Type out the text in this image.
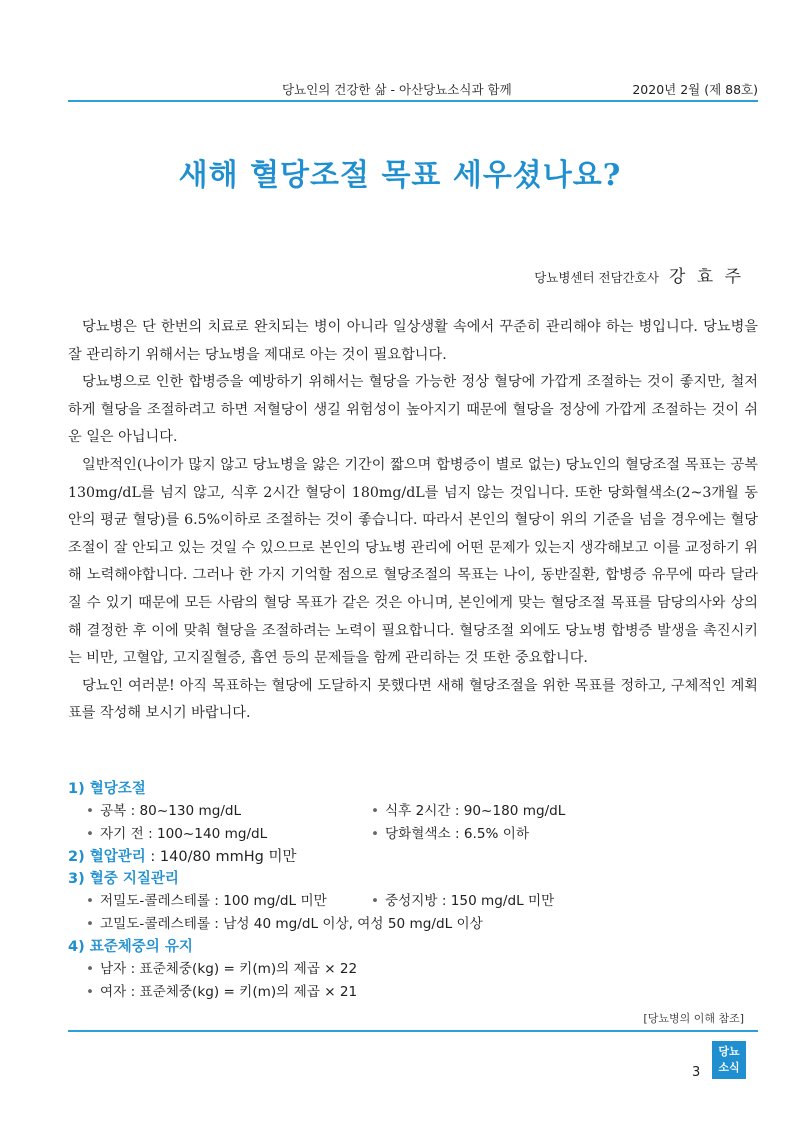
당뇨인의 건강한 삶 - 아산당뇨소식과 함께	2020년 2월 (제 88호)
새해 혈당조절 목표 세우셨나요?
당뇨병센터 전담간호사 강 효 주

당뇨병은 단 한번의 치료로 완치되는 병이 아니라 일상생활 속에서 꾸준히 관리해야 하는 병입니다. 당뇨병을 잘 관리하기 위해서는 당뇨병을 제대로 아는 것이 필요합니다.

당뇨병으로 인한 합병증을 예방하기 위해서는 혈당을 가능한 정상 혈당에 가깝게 조절하는 것이 좋지만, 철저하게 혈당을 조절하려고 하면 저혈당이 생길 위험성이 높아지기 때문에 혈당을 정상에 가깝게 조절하는 것이 쉬운 일은 아닙니다.

일반적인(나이가 많지 않고 당뇨병을 앓은 기간이 짧으며 합병증이 별로 없는) 당뇨인의 혈당조절 목표는 공복 130mg/dL를 넘지 않고, 식후 2시간 혈당이 180mg/dL를 넘지 않는 것입니다. 또한 당화혈색소(2~3개월 동안의 평균 혈당)를 6.5%이하로 조절하는 것이 좋습니다. 따라서 본인의 혈당이 위의 기준을 넘을 경우에는 혈당조절이 잘 안되고 있는 것일 수 있으므로 본인의 당뇨병 관리에 어떤 문제가 있는지 생각해보고 이를 교정하기 위해 노력해야합니다. 그러나 한 가지 기억할 점으로 혈당조절의 목표는 나이, 동반질환, 합병증 유무에 따라 달라질 수 있기 때문에 모든 사람의 혈당 목표가 같은 것은 아니며, 본인에게 맞는 혈당조절 목표를 담당의사와 상의해 결정한 후 이에 맞춰 혈당을 조절하려는 노력이 필요합니다. 혈당조절 외에도 당뇨병 합병증 발생을 촉진시키는 비만, 고혈압, 고지질혈증, 흡연 등의 문제들을 함께 관리하는 것 또한 중요합니다.

당뇨인 여러분! 아직 목표하는 혈당에 도달하지 못했다면 새해 혈당조절을 위한 목표를 정하고, 구체적인 계획표를 작성해 보시기 바랍니다.

1) 혈당조절
• 공복 : 80~130 mg/dL	• 식후 2시간 : 90~180 mg/dL
• 자기 전 : 100~140 mg/dL	• 당화혈색소 : 6.5% 이하
2) 혈압관리 : 140/80 mmHg 미만
3) 혈중 지질관리
• 저밀도-콜레스테롤 : 100 mg/dL 미만	• 중성지방 : 150 mg/dL 미만
• 고밀도-콜레스테롤 : 남성 40 mg/dL 이상, 여성 50 mg/dL 이상
4) 표준체중의 유지
• 남자 : 표준체중(kg) = 키(m)의 제곱 × 22
• 여자 : 표준체중(kg) = 키(m)의 제곱 × 21
[당뇨병의 이해 참조]
3
당뇨
소식
